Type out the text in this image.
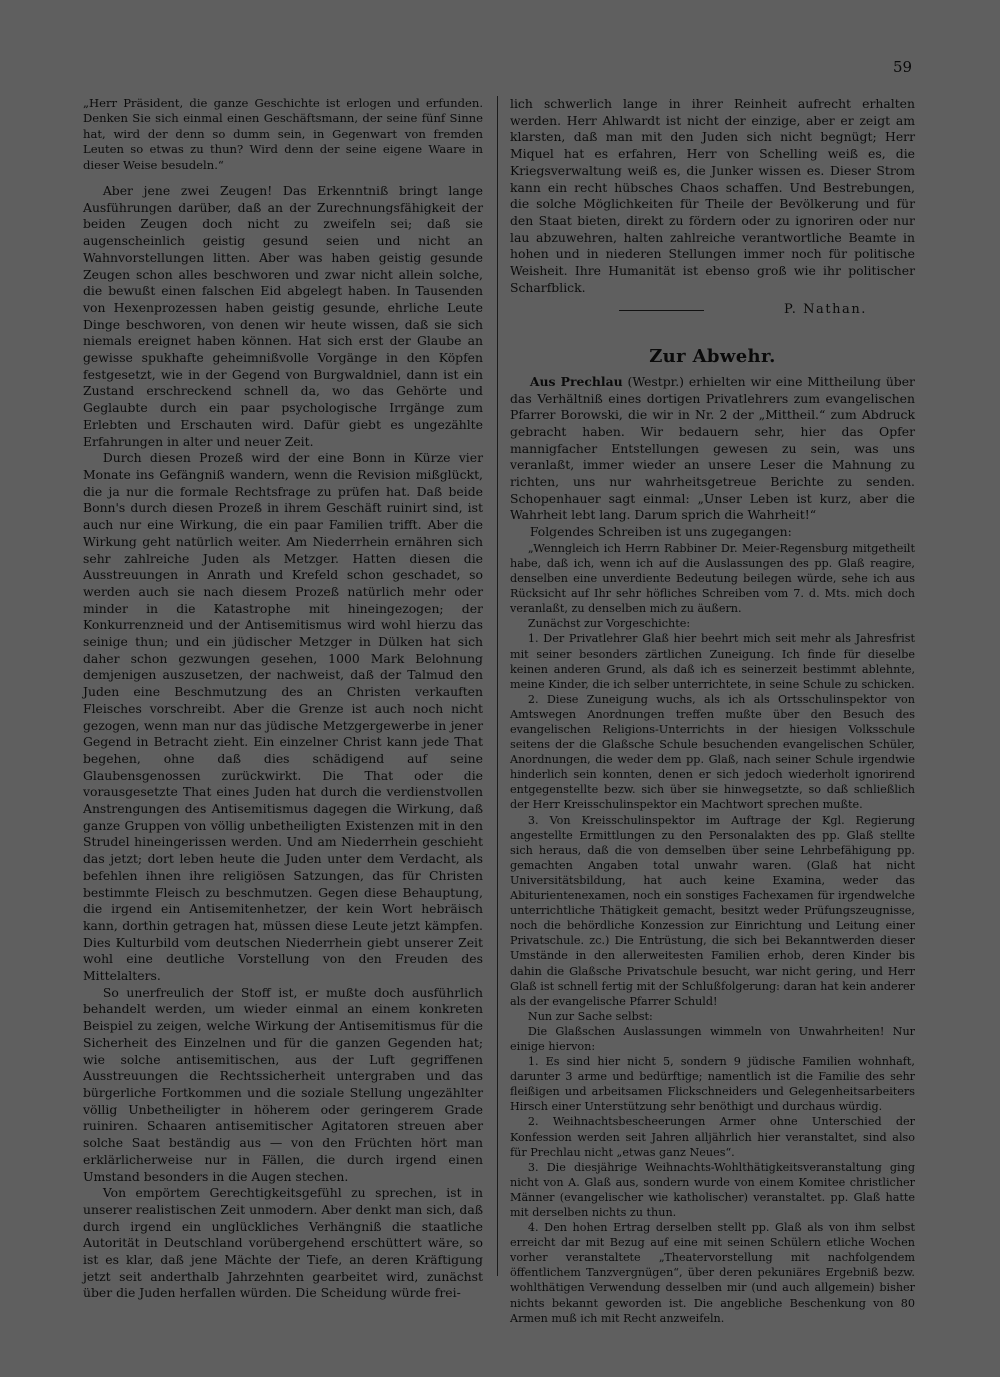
59

„Herr Präsident, die ganze Geschichte ist erlogen und erfunden. Denken Sie sich einmal einen Geschäftsmann, der seine fünf Sinne hat, wird der denn so dumm sein, in Gegenwart von fremden Leuten so etwas zu thun? Wird denn der seine eigene Waare in dieser Weise besudeln.“

Aber jene zwei Zeugen! Das Erkenntniß bringt lange Ausführungen darüber, daß an der Zurechnungsfähigkeit der beiden Zeugen doch nicht zu zweifeln sei; daß sie augenscheinlich geistig gesund seien und nicht an Wahnvorstellungen litten. Aber was haben geistig gesunde Zeugen schon alles beschworen und zwar nicht allein solche, die bewußt einen falschen Eid abgelegt haben. In Tausenden von Hexenprozessen haben geistig gesunde, ehrliche Leute Dinge beschworen, von denen wir heute wissen, daß sie sich niemals ereignet haben können. Hat sich erst der Glaube an gewisse spukhafte geheimnißvolle Vorgänge in den Köpfen festgesetzt, wie in der Gegend von Burgwaldniel, dann ist ein Zustand erschreckend schnell da, wo das Gehörte und Geglaubte durch ein paar psychologische Irrgänge zum Erlebten und Erschauten wird. Dafür giebt es ungezählte Erfahrungen in alter und neuer Zeit.

Durch diesen Prozeß wird der eine Bonn in Kürze vier Monate ins Gefängniß wandern, wenn die Revision mißglückt, die ja nur die formale Rechtsfrage zu prüfen hat. Daß beide Bonn's durch diesen Prozeß in ihrem Geschäft ruinirt sind, ist auch nur eine Wirkung, die ein paar Familien trifft. Aber die Wirkung geht natürlich weiter. Am Niederrhein ernähren sich sehr zahlreiche Juden als Metzger. Hatten diesen die Ausstreuungen in Anrath und Krefeld schon geschadet, so werden auch sie nach diesem Prozeß natürlich mehr oder minder in die Katastrophe mit hineingezogen; der Konkurrenzneid und der Antisemitismus wird wohl hierzu das seinige thun; und ein jüdischer Metzger in Dülken hat sich daher schon gezwungen gesehen, 1000 Mark Belohnung demjenigen auszusetzen, der nachweist, daß der Talmud den Juden eine Beschmutzung des an Christen verkauften Fleisches vorschreibt. Aber die Grenze ist auch noch nicht gezogen, wenn man nur das jüdische Metzgergewerbe in jener Gegend in Betracht zieht. Ein einzelner Christ kann jede That begehen, ohne daß dies schädigend auf seine Glaubensgenossen zurückwirkt. Die That oder die vorausgesetzte That eines Juden hat durch die verdienstvollen Anstrengungen des Antisemitismus dagegen die Wirkung, daß ganze Gruppen von völlig unbetheiligten Existenzen mit in den Strudel hineingerissen werden. Und am Niederrhein geschieht das jetzt; dort leben heute die Juden unter dem Verdacht, als befehlen ihnen ihre religiösen Satzungen, das für Christen bestimmte Fleisch zu beschmutzen. Gegen diese Behauptung, die irgend ein Antisemitenhetzer, der kein Wort hebräisch kann, dorthin getragen hat, müssen diese Leute jetzt kämpfen. Dies Kulturbild vom deutschen Niederrhein giebt unserer Zeit wohl eine deutliche Vorstellung von den Freuden des Mittelalters.

So unerfreulich der Stoff ist, er mußte doch ausführlich behandelt werden, um wieder einmal an einem konkreten Beispiel zu zeigen, welche Wirkung der Antisemitismus für die Sicherheit des Einzelnen und für die ganzen Gegenden hat; wie solche antisemitischen, aus der Luft gegriffenen Ausstreuungen die Rechtssicherheit untergraben und das bürgerliche Fortkommen und die soziale Stellung ungezählter völlig Unbetheiligter in höherem oder geringerem Grade ruiniren. Schaaren antisemitischer Agitatoren streuen aber solche Saat beständig aus — von den Früchten hört man erklärlicherweise nur in Fällen, die durch irgend einen Umstand besonders in die Augen stechen.

Von empörtem Gerechtigkeitsgefühl zu sprechen, ist in unserer realistischen Zeit unmodern. Aber denkt man sich, daß durch irgend ein unglückliches Verhängniß die staatliche Autorität in Deutschland vorübergehend erschüttert wäre, so ist es klar, daß jene Mächte der Tiefe, an deren Kräftigung jetzt seit anderthalb Jahrzehnten gearbeitet wird, zunächst über die Juden herfallen würden. Die Scheidung würde frei-

lich schwerlich lange in ihrer Reinheit aufrecht erhalten werden. Herr Ahlwardt ist nicht der einzige, aber er zeigt am klarsten, daß man mit den Juden sich nicht begnügt; Herr Miquel hat es erfahren, Herr von Schelling weiß es, die Kriegsverwaltung weiß es, die Junker wissen es. Dieser Strom kann ein recht hübsches Chaos schaffen. Und Bestrebungen, die solche Möglichkeiten für Theile der Bevölkerung und für den Staat bieten, direkt zu fördern oder zu ignoriren oder nur lau abzuwehren, halten zahlreiche verantwortliche Beamte in hohen und in niederen Stellungen immer noch für politische Weisheit. Ihre Humanität ist ebenso groß wie ihr politischer Scharfblick.

P. Nathan.
Zur Abwehr.

Aus Prechlau (Westpr.) erhielten wir eine Mittheilung über das Verhältniß eines dortigen Privatlehrers zum evangelischen Pfarrer Borowski, die wir in Nr. 2 der „Mittheil.“ zum Abdruck gebracht haben. Wir bedauern sehr, hier das Opfer mannigfacher Entstellungen gewesen zu sein, was uns veranlaßt, immer wieder an unsere Leser die Mahnung zu richten, uns nur wahrheitsgetreue Berichte zu senden. Schopenhauer sagt einmal: „Unser Leben ist kurz, aber die Wahrheit lebt lang. Darum sprich die Wahrheit!“

Folgendes Schreiben ist uns zugegangen:

„Wenngleich ich Herrn Rabbiner Dr. Meier-Regensburg mitgetheilt habe, daß ich, wenn ich auf die Auslassungen des pp. Glaß reagire, denselben eine unverdiente Bedeutung beilegen würde, sehe ich aus Rücksicht auf Ihr sehr höfliches Schreiben vom 7. d. Mts. mich doch veranlaßt, zu denselben mich zu äußern.

Zunächst zur Vorgeschichte:

1. Der Privatlehrer Glaß hier beehrt mich seit mehr als Jahresfrist mit seiner besonders zärtlichen Zuneigung. Ich finde für dieselbe keinen anderen Grund, als daß ich es seinerzeit bestimmt ablehnte, meine Kinder, die ich selber unterrichtete, in seine Schule zu schicken.

2. Diese Zuneigung wuchs, als ich als Ortsschulinspektor von Amtswegen Anordnungen treffen mußte über den Besuch des evangelischen Religions-Unterrichts in der hiesigen Volksschule seitens der die Glaßsche Schule besuchenden evangelischen Schüler, Anordnungen, die weder dem pp. Glaß, nach seiner Schule irgendwie hinderlich sein konnten, denen er sich jedoch wiederholt ignorirend entgegenstellte bezw. sich über sie hinwegsetzte, so daß schließlich der Herr Kreisschulinspektor ein Machtwort sprechen mußte.

3. Von Kreisschulinspektor im Auftrage der Kgl. Regierung angestellte Ermittlungen zu den Personalakten des pp. Glaß stellte sich heraus, daß die von demselben über seine Lehrbefähigung pp. gemachten Angaben total unwahr waren. (Glaß hat nicht Universitätsbildung, hat auch keine Examina, weder das Abiturientenexamen, noch ein sonstiges Fachexamen für irgendwelche unterrichtliche Thätigkeit gemacht, besitzt weder Prüfungszeugnisse, noch die behördliche Konzession zur Einrichtung und Leitung einer Privatschule. zc.) Die Entrüstung, die sich bei Bekanntwerden dieser Umstände in den allerweitesten Familien erhob, deren Kinder bis dahin die Glaßsche Privatschule besucht, war nicht gering, und Herr Glaß ist schnell fertig mit der Schlußfolgerung: daran hat kein anderer als der evangelische Pfarrer Schuld!

Nun zur Sache selbst:

Die Glaßschen Auslassungen wimmeln von Unwahrheiten! Nur einige hiervon:

1. Es sind hier nicht 5, sondern 9 jüdische Familien wohnhaft, darunter 3 arme und bedürftige; namentlich ist die Familie des sehr fleißigen und arbeitsamen Flickschneiders und Gelegenheitsarbeiters Hirsch einer Unterstützung sehr benöthigt und durchaus würdig.

2. Weihnachtsbescheerungen Armer ohne Unterschied der Konfession werden seit Jahren alljährlich hier veranstaltet, sind also für Prechlau nicht „etwas ganz Neues“.

3. Die diesjährige Weihnachts-Wohlthätigkeitsveranstaltung ging nicht von A. Glaß aus, sondern wurde von einem Komitee christlicher Männer (evangelischer wie katholischer) veranstaltet. pp. Glaß hatte mit derselben nichts zu thun.

4. Den hohen Ertrag derselben stellt pp. Glaß als von ihm selbst erreicht dar mit Bezug auf eine mit seinen Schülern etliche Wochen vorher veranstaltete „Theatervorstellung mit nachfolgendem öffentlichem Tanzvergnügen“, über deren pekuniäres Ergebniß bezw. wohlthätigen Verwendung desselben mir (und auch allgemein) bisher nichts bekannt geworden ist. Die angebliche Beschenkung von 80 Armen muß ich mit Recht anzweifeln.
